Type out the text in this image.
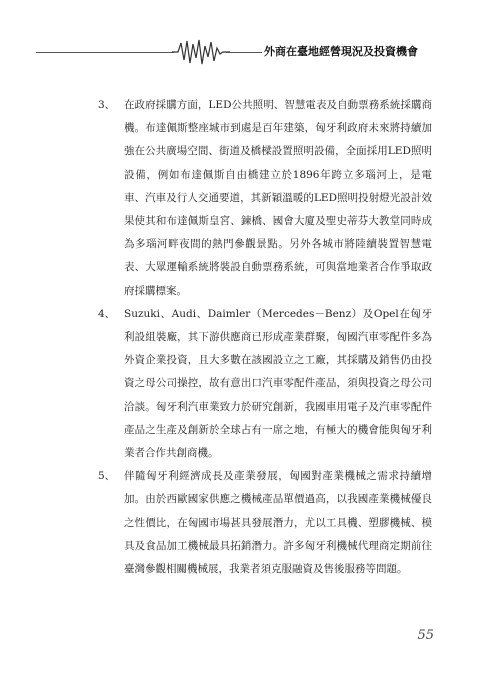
外商在臺地經營現況及投資機會
3、 在政府採購方面，LED公共照明、智慧電表及自動票務系統採購商機。布達佩斯整座城市到處是百年建築，匈牙利政府未來將持續加強在公共廣場空間、街道及橋樑設置照明設備，全面採用LED照明設備，例如布達佩斯自由橋建立於1896年跨立多瑙河上，是電車、汽車及行人交通要道，其新穎溫暖的LED照明投射燈光設計效果使其和布達佩斯皇宮、鍊橋、國會大廈及聖史蒂芬大教堂同時成為多瑙河畔夜間的熱門參觀景點。另外各城市將陸續裝置智慧電表、大眾運輸系統將裝設自動票務系統，可與當地業者合作爭取政府採購標案。
4、 Suzuki、Audi、Daimler（Mercedes－Benz）及Opel在匈牙利設組裝廠，其下游供應商已形成產業群聚，匈國汽車零配件多為外資企業投資，且大多數在該國設立之工廠，其採購及銷售仍由投資之母公司操控，故有意出口汽車零配件產品，須與投資之母公司洽談。匈牙利汽車業致力於研究創新，我國車用電子及汽車零配件產品之生產及創新於全球占有一席之地，有極大的機會能與匈牙利業者合作共創商機。
5、 伴隨匈牙利經濟成長及產業發展，匈國對產業機械之需求持續增加。由於西歐國家供應之機械產品單價過高，以我國產業機械優良之性價比，在匈國市場甚具發展潛力，尤以工具機、塑膠機械、模具及食品加工機械最具拓銷潛力。許多匈牙利機械代理商定期前往臺灣參觀相關機械展，我業者須克服融資及售後服務等問題。
55
